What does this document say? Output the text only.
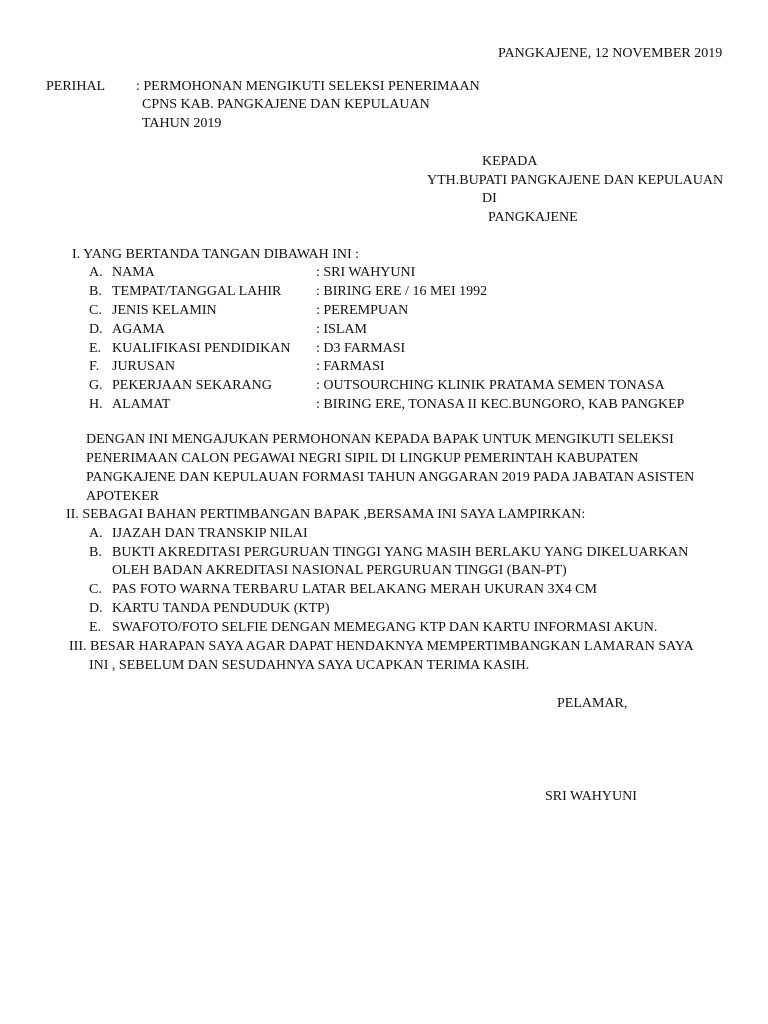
PANGKAJENE, 12 NOVEMBER 2019
PERIHAL : PERMOHONAN MENGIKUTI SELEKSI PENERIMAAN
CPNS KAB. PANGKAJENE DAN KEPULAUAN
TAHUN 2019
KEPADA
YTH.BUPATI PANGKAJENE DAN KEPULAUAN
DI
PANGKAJENE
I. YANG BERTANDA TANGAN DIBAWAH INI :
A. NAMA	: SRI WAHYUNI
B. TEMPAT/TANGGAL LAHIR : BIRING ERE / 16 MEI 1992
C. JENIS KELAMIN	: PEREMPUAN
D. AGAMA	: ISLAM
E. KUALIFIKASI PENDIDIKAN : D3 FARMASI
F. JURUSAN	: FARMASI
G. PEKERJAAN SEKARANG	: OUTSOURCHING KLINIK PRATAMA SEMEN TONASA
H. ALAMAT	: BIRING ERE, TONASA II KEC.BUNGORO, KAB PANGKEP
DENGAN INI MENGAJUKAN PERMOHONAN KEPADA BAPAK UNTUK MENGIKUTI SELEKSI
PENERIMAAN CALON PEGAWAI NEGRI SIPIL DI LINGKUP PEMERINTAH KABUPATEN
PANGKAJENE DAN KEPULAUAN FORMASI TAHUN ANGGARAN 2019 PADA JABATAN ASISTEN
APOTEKER
II. SEBAGAI BAHAN PERTIMBANGAN BAPAK ,BERSAMA INI SAYA LAMPIRKAN:
A. IJAZAH DAN TRANSKIP NILAI
B. BUKTI AKREDITASI PERGURUAN TINGGI YANG MASIH BERLAKU YANG DIKELUARKAN
OLEH BADAN AKREDITASI NASIONAL PERGURUAN TINGGI (BAN-PT)
C. PAS FOTO WARNA TERBARU LATAR BELAKANG MERAH UKURAN 3X4 CM
D. KARTU TANDA PENDUDUK (KTP)
E. SWAFOTO/FOTO SELFIE DENGAN MEMEGANG KTP DAN KARTU INFORMASI AKUN.
III. BESAR HARAPAN SAYA AGAR DAPAT HENDAKNYA MEMPERTIMBANGKAN LAMARAN SAYA
INI , SEBELUM DAN SESUDAHNYA SAYA UCAPKAN TERIMA KASIH.
PELAMAR,
SRI WAHYUNI
